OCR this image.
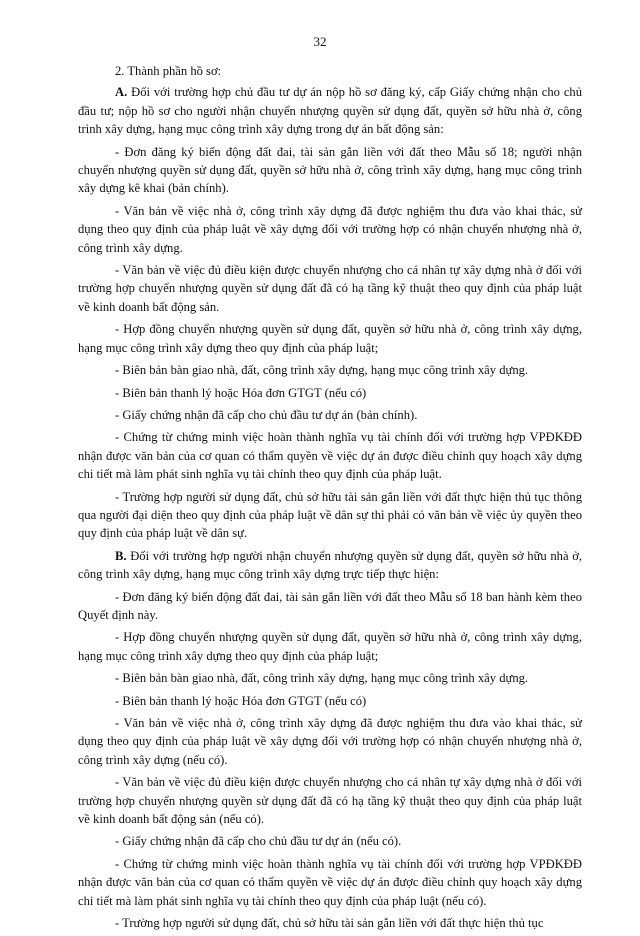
32

2. Thành phần hồ sơ:

A. Đối với trường hợp chủ đầu tư dự án nộp hồ sơ đăng ký, cấp Giấy chứng nhận cho chủ đầu tư; nộp hồ sơ cho người nhận chuyển nhượng quyền sử dụng đất, quyền sở hữu nhà ở, công trình xây dựng, hạng mục công trình xây dựng trong dự án bất động sản:

- Đơn đăng ký biến động đất đai, tài sản gắn liền với đất theo Mẫu số 18; người nhận chuyển nhượng quyền sử dụng đất, quyền sở hữu nhà ở, công trình xây dựng, hạng mục công trình xây dựng kê khai (bản chính).

- Văn bản về việc nhà ở, công trình xây dựng đã được nghiệm thu đưa vào khai thác, sử dụng theo quy định của pháp luật về xây dựng đối với trường hợp có nhận chuyển nhượng nhà ở, công trình xây dựng.

- Văn bản về việc đủ điều kiện được chuyển nhượng cho cá nhân tự xây dựng nhà ở đối với trường hợp chuyển nhượng quyền sử dụng đất đã có hạ tầng kỹ thuật theo quy định của pháp luật về kinh doanh bất động sản.

- Hợp đồng chuyển nhượng quyền sử dụng đất, quyền sở hữu nhà ở, công trình xây dựng, hạng mục công trình xây dựng theo quy định của pháp luật;

- Biên bản bàn giao nhà, đất, công trình xây dựng, hạng mục công trình xây dựng.

- Biên bản thanh lý hoặc Hóa đơn GTGT (nếu có)

- Giấy chứng nhận đã cấp cho chủ đầu tư dự án (bản chính).

- Chứng từ chứng minh việc hoàn thành nghĩa vụ tài chính đối với trường hợp VPĐKĐĐ nhận được văn bản của cơ quan có thẩm quyền về việc dự án được điều chỉnh quy hoạch xây dựng chi tiết mà làm phát sinh nghĩa vụ tài chính theo quy định của pháp luật.

- Trường hợp người sử dụng đất, chủ sở hữu tài sản gắn liền với đất thực hiện thủ tục thông qua người đại diện theo quy định của pháp luật về dân sự thì phải có văn bản về việc ủy quyền theo quy định của pháp luật về dân sự.

B. Đối với trường hợp người nhận chuyển nhượng quyền sử dụng đất, quyền sở hữu nhà ở, công trình xây dựng, hạng mục công trình xây dựng trực tiếp thực hiện:

- Đơn đăng ký biến động đất đai, tài sản gắn liền với đất theo Mẫu số 18 ban hành kèm theo Quyết định này.

- Hợp đồng chuyển nhượng quyền sử dụng đất, quyền sở hữu nhà ở, công trình xây dựng, hạng mục công trình xây dựng theo quy định của pháp luật;

- Biên bản bàn giao nhà, đất, công trình xây dựng, hạng mục công trình xây dựng.

- Biên bản thanh lý hoặc Hóa đơn GTGT (nếu có)

- Văn bản về việc nhà ở, công trình xây dựng đã được nghiệm thu đưa vào khai thác, sử dụng theo quy định của pháp luật về xây dựng đối với trường hợp có nhận chuyển nhượng nhà ở, công trình xây dựng (nếu có).

- Văn bản về việc đủ điều kiện được chuyển nhượng cho cá nhân tự xây dựng nhà ở đối với trường hợp chuyển nhượng quyền sử dụng đất đã có hạ tầng kỹ thuật theo quy định của pháp luật về kinh doanh bất động sản (nếu có).

- Giấy chứng nhận đã cấp cho chủ đầu tư dự án (nếu có).

- Chứng từ chứng minh việc hoàn thành nghĩa vụ tài chính đối với trường hợp VPĐKĐĐ nhận được văn bản của cơ quan có thẩm quyền về việc dự án được điều chỉnh quy hoạch xây dựng chi tiết mà làm phát sinh nghĩa vụ tài chính theo quy định của pháp luật (nếu có).

- Trường hợp người sử dụng đất, chủ sở hữu tài sản gắn liền với đất thực hiện thủ tục
